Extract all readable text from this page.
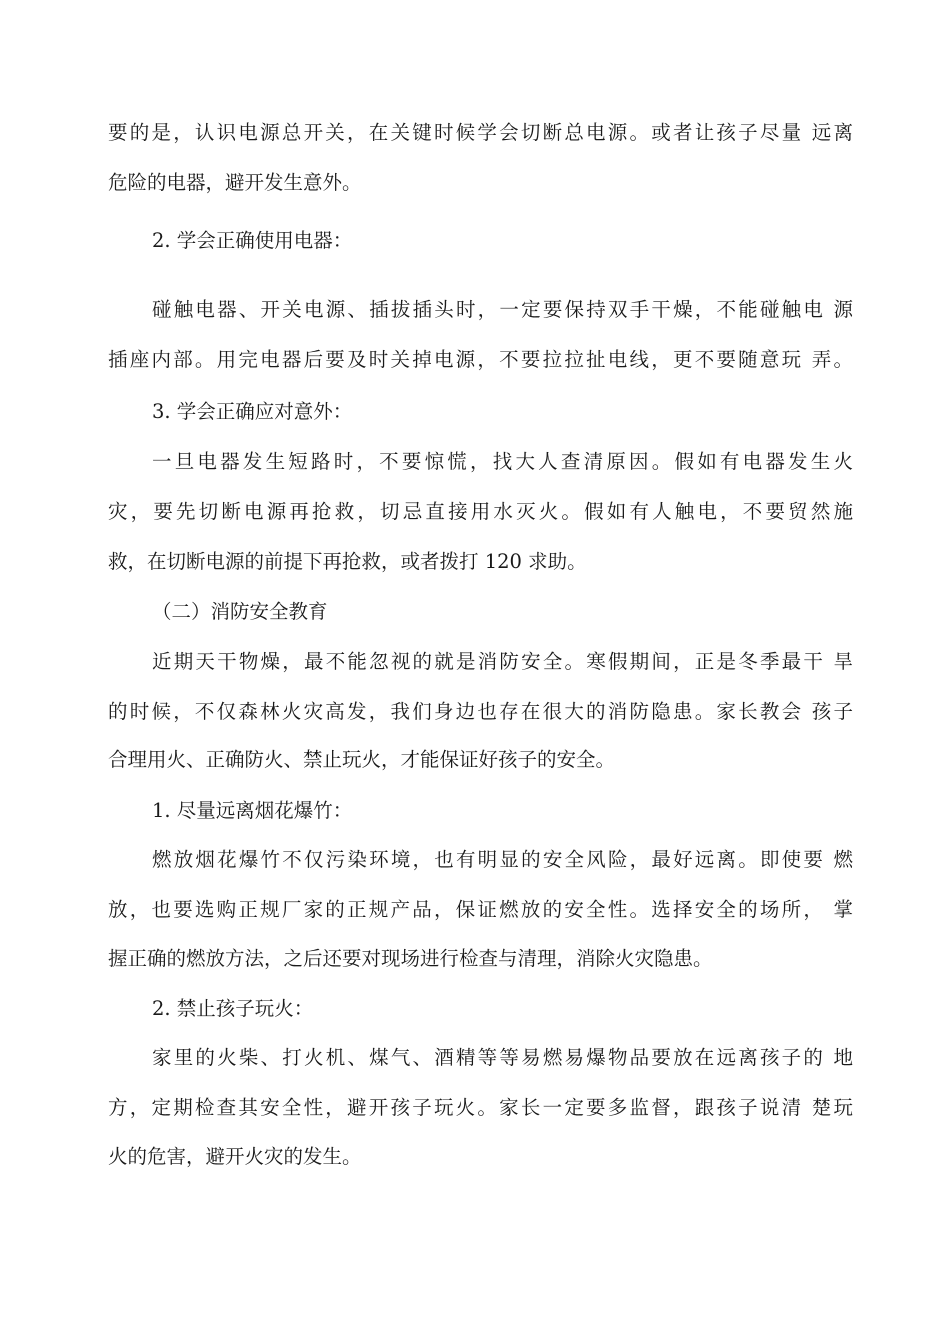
要的是，认识电源总开关，在关键时候学会切断总电源。或者让孩子尽量 远离
危险的电器，避开发生意外。
2. 学会正确使用电器：
碰触电器、开关电源、插拔插头时，一定要保持双手干燥，不能碰触电 源
插座内部。用完电器后要及时关掉电源，不要拉拉扯电线，更不要随意玩 弄。
3. 学会正确应对意外：
一旦电器发生短路时，不要惊慌，找大人查清原因。假如有电器发生火
灾，要先切断电源再抢救，切忌直接用水灭火。假如有人触电，不要贸然施
救，在切断电源的前提下再抢救，或者拨打 120 求助。
（二）消防安全教育
近期天干物燥，最不能忽视的就是消防安全。寒假期间，正是冬季最干 旱
的时候，不仅森林火灾高发，我们身边也存在很大的消防隐患。家长教会 孩子
合理用火、正确防火、禁止玩火，才能保证好孩子的安全。
1. 尽量远离烟花爆竹：
燃放烟花爆竹不仅污染环境，也有明显的安全风险，最好远离。即使要 燃
放，也要选购正规厂家的正规产品，保证燃放的安全性。选择安全的场所， 掌
握正确的燃放方法，之后还要对现场进行检查与清理，消除火灾隐患。
2. 禁止孩子玩火：
家里的火柴、打火机、煤气、酒精等等易燃易爆物品要放在远离孩子的 地
方，定期检查其安全性，避开孩子玩火。家长一定要多监督，跟孩子说清 楚玩
火的危害，避开火灾的发生。
